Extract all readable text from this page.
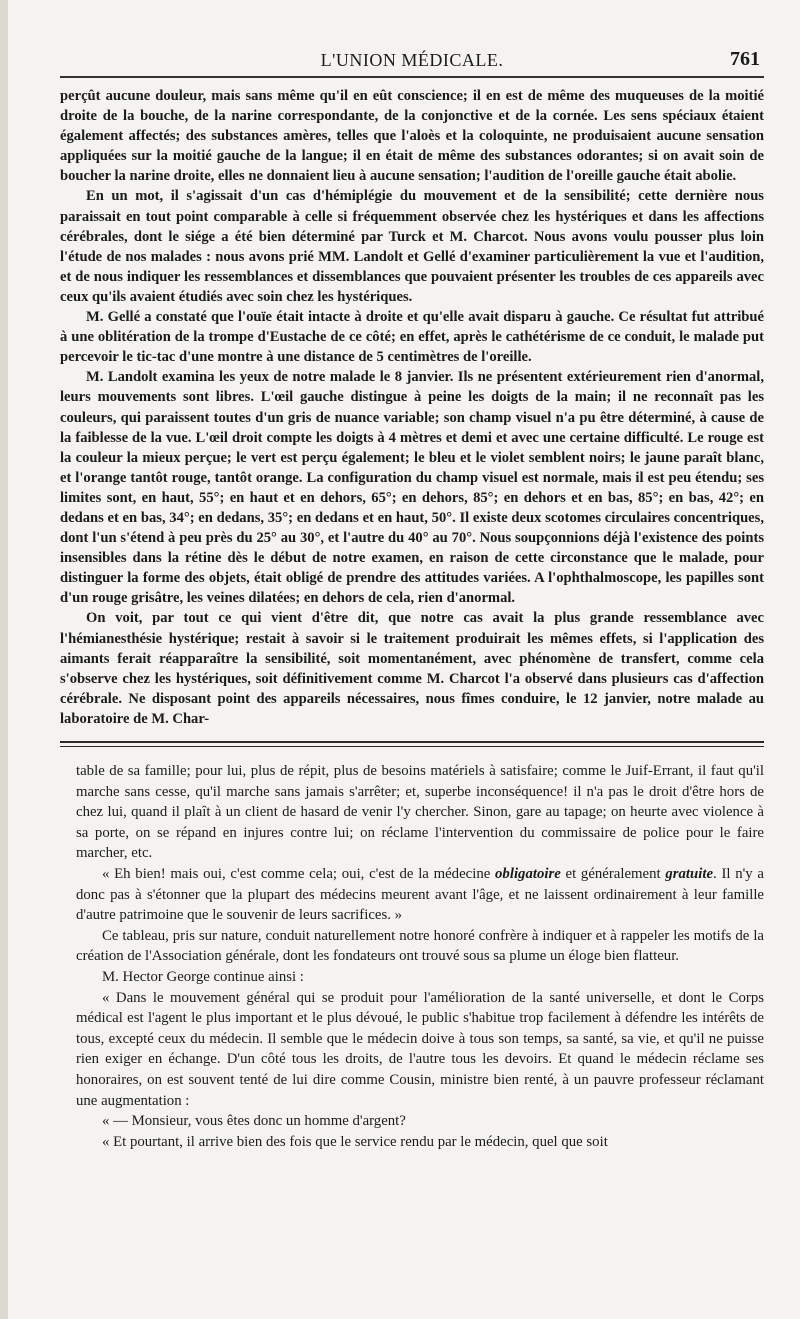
L'UNION MÉDICALE.	761

perçût aucune douleur, mais sans même qu'il en eût conscience; il en est de même des muqueuses de la moitié droite de la bouche, de la narine correspondante, de la conjonctive et de la cornée. Les sens spéciaux étaient également affectés; des substances amères, telles que l'aloès et la coloquinte, ne produisaient aucune sensation appliquées sur la moitié gauche de la langue; il en était de même des substances odorantes; si on avait soin de boucher la narine droite, elles ne donnaient lieu à aucune sensation; l'audition de l'oreille gauche était abolie.

En un mot, il s'agissait d'un cas d'hémiplégie du mouvement et de la sensibilité; cette dernière nous paraissait en tout point comparable à celle si fréquemment observée chez les hystériques et dans les affections cérébrales, dont le siége a été bien déterminé par Turck et M. Charcot. Nous avons voulu pousser plus loin l'étude de nos malades : nous avons prié MM. Landolt et Gellé d'examiner particulièrement la vue et l'audition, et de nous indiquer les ressemblances et dissemblances que pouvaient présenter les troubles de ces appareils avec ceux qu'ils avaient étudiés avec soin chez les hystériques.

M. Gellé a constaté que l'ouïe était intacte à droite et qu'elle avait disparu à gauche. Ce résultat fut attribué à une oblitération de la trompe d'Eustache de ce côté; en effet, après le cathétérisme de ce conduit, le malade put percevoir le tic-tac d'une montre à une distance de 5 centimètres de l'oreille.

M. Landolt examina les yeux de notre malade le 8 janvier. Ils ne présentent extérieurement rien d'anormal, leurs mouvements sont libres. L'œil gauche distingue à peine les doigts de la main; il ne reconnaît pas les couleurs, qui paraissent toutes d'un gris de nuance variable; son champ visuel n'a pu être déterminé, à cause de la faiblesse de la vue. L'œil droit compte les doigts à 4 mètres et demi et avec une certaine difficulté. Le rouge est la couleur la mieux perçue; le vert est perçu également; le bleu et le violet semblent noirs; le jaune paraît blanc, et l'orange tantôt rouge, tantôt orange. La configuration du champ visuel est normale, mais il est peu étendu; ses limites sont, en haut, 55°; en haut et en dehors, 65°; en dehors, 85°; en dehors et en bas, 85°; en bas, 42°; en dedans et en bas, 34°; en dedans, 35°; en dedans et en haut, 50°. Il existe deux scotomes circulaires concentriques, dont l'un s'étend à peu près du 25° au 30°, et l'autre du 40° au 70°. Nous soupçonnions déjà l'existence des points insensibles dans la rétine dès le début de notre examen, en raison de cette circonstance que le malade, pour distinguer la forme des objets, était obligé de prendre des attitudes variées. A l'ophthalmoscope, les papilles sont d'un rouge grisâtre, les veines dilatées; en dehors de cela, rien d'anormal.

On voit, par tout ce qui vient d'être dit, que notre cas avait la plus grande ressemblance avec l'hémianesthésie hystérique; restait à savoir si le traitement produirait les mêmes effets, si l'application des aimants ferait réapparaître la sensibilité, soit momentanément, avec phénomène de transfert, comme cela s'observe chez les hystériques, soit définitivement comme M. Charcot l'a observé dans plusieurs cas d'affection cérébrale. Ne disposant point des appareils nécessaires, nous fîmes conduire, le 12 janvier, notre malade au laboratoire de M. Char-

table de sa famille; pour lui, plus de répit, plus de besoins matériels à satisfaire; comme le Juif-Errant, il faut qu'il marche sans cesse, qu'il marche sans jamais s'arrêter; et, superbe inconséquence! il n'a pas le droit d'être hors de chez lui, quand il plaît à un client de hasard de venir l'y chercher. Sinon, gare au tapage; on heurte avec violence à sa porte, on se répand en injures contre lui; on réclame l'intervention du commissaire de police pour le faire marcher, etc.

« Eh bien! mais oui, c'est comme cela; oui, c'est de la médecine obligatoire et généralement gratuite. Il n'y a donc pas à s'étonner que la plupart des médecins meurent avant l'âge, et ne laissent ordinairement à leur famille d'autre patrimoine que le souvenir de leurs sacrifices. »

Ce tableau, pris sur nature, conduit naturellement notre honoré confrère à indiquer et à rappeler les motifs de la création de l'Association générale, dont les fondateurs ont trouvé sous sa plume un éloge bien flatteur.

M. Hector George continue ainsi :

« Dans le mouvement général qui se produit pour l'amélioration de la santé universelle, et dont le Corps médical est l'agent le plus important et le plus dévoué, le public s'habitue trop facilement à défendre les intérêts de tous, excepté ceux du médecin. Il semble que le médecin doive à tous son temps, sa santé, sa vie, et qu'il ne puisse rien exiger en échange. D'un côté tous les droits, de l'autre tous les devoirs. Et quand le médecin réclame ses honoraires, on est souvent tenté de lui dire comme Cousin, ministre bien renté, à un pauvre professeur réclamant une augmentation :

« — Monsieur, vous êtes donc un homme d'argent?

« Et pourtant, il arrive bien des fois que le service rendu par le médecin, quel que soit
